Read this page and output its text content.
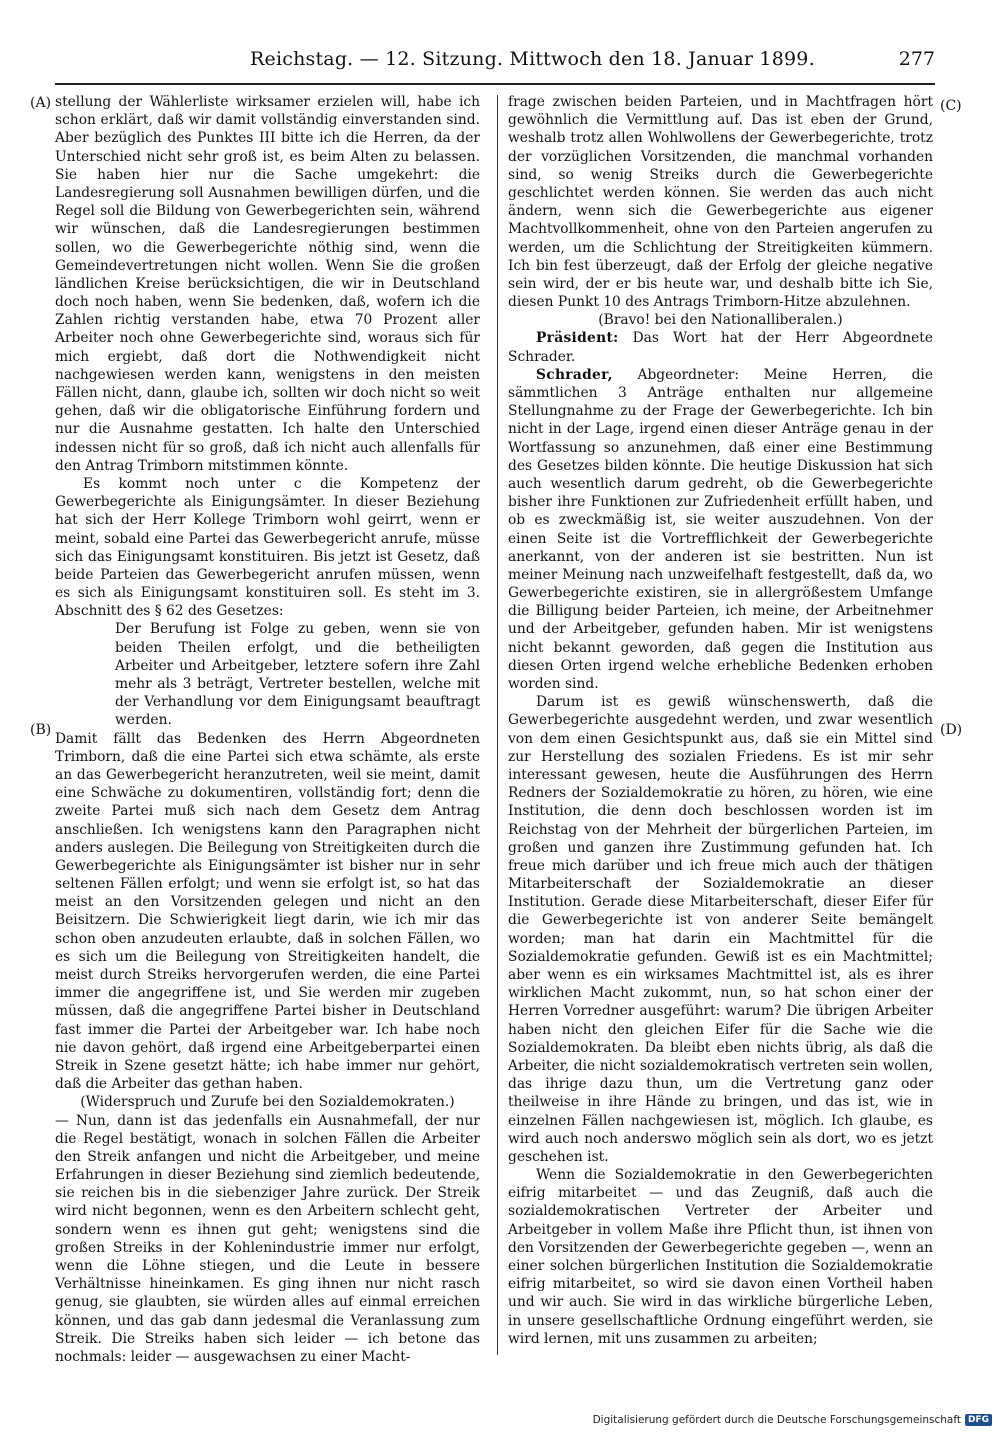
Reichstag. — 12. Sitzung. Mittwoch den 18. Januar 1899.	277
(A)
(B)
(C)
(D)

stellung der Wählerliste wirksamer erzielen will, habe ich schon erklärt, daß wir damit vollständig einverstanden sind. Aber bezüglich des Punktes III bitte ich die Herren, da der Unterschied nicht sehr groß ist, es beim Alten zu belassen. Sie haben hier nur die Sache umgekehrt: die Landesregierung soll Ausnahmen bewilligen dürfen, und die Regel soll die Bildung von Gewerbegerichten sein, während wir wünschen, daß die Landesregierungen bestimmen sollen, wo die Gewerbegerichte nöthig sind, wenn die Gemeindevertretungen nicht wollen. Wenn Sie die großen ländlichen Kreise berücksichtigen, die wir in Deutschland doch noch haben, wenn Sie bedenken, daß, wofern ich die Zahlen richtig verstanden habe, etwa 70 Prozent aller Arbeiter noch ohne Gewerbegerichte sind, woraus sich für mich ergiebt, daß dort die Nothwendigkeit nicht nachgewiesen werden kann, wenigstens in den meisten Fällen nicht, dann, glaube ich, sollten wir doch nicht so weit gehen, daß wir die obligatorische Einführung fordern und nur die Ausnahme gestatten. Ich halte den Unterschied indessen nicht für so groß, daß ich nicht auch allenfalls für den Antrag Trimborn mitstimmen könnte.

Es kommt noch unter c die Kompetenz der Gewerbegerichte als Einigungsämter. In dieser Beziehung hat sich der Herr Kollege Trimborn wohl geirrt, wenn er meint, sobald eine Partei das Gewerbegericht anrufe, müsse sich das Einigungsamt konstituiren. Bis jetzt ist Gesetz, daß beide Parteien das Gewerbegericht anrufen müssen, wenn es sich als Einigungsamt konstituiren soll. Es steht im 3. Abschnitt des § 62 des Gesetzes:

Der Berufung ist Folge zu geben, wenn sie von beiden Theilen erfolgt, und die betheiligten Arbeiter und Arbeitgeber, letztere sofern ihre Zahl mehr als 3 beträgt, Vertreter bestellen, welche mit der Verhandlung vor dem Einigungsamt beauftragt werden.

Damit fällt das Bedenken des Herrn Abgeordneten Trimborn, daß die eine Partei sich etwa schämte, als erste an das Gewerbegericht heranzutreten, weil sie meint, damit eine Schwäche zu dokumentiren, vollständig fort; denn die zweite Partei muß sich nach dem Gesetz dem Antrag anschließen. Ich wenigstens kann den Paragraphen nicht anders auslegen. Die Beilegung von Streitigkeiten durch die Gewerbegerichte als Einigungsämter ist bisher nur in sehr seltenen Fällen erfolgt; und wenn sie erfolgt ist, so hat das meist an den Vorsitzenden gelegen und nicht an den Beisitzern. Die Schwierigkeit liegt darin, wie ich mir das schon oben anzudeuten erlaubte, daß in solchen Fällen, wo es sich um die Beilegung von Streitigkeiten handelt, die meist durch Streiks hervorgerufen werden, die eine Partei immer die angegriffene ist, und Sie werden mir zugeben müssen, daß die angegriffene Partei bisher in Deutschland fast immer die Partei der Arbeitgeber war. Ich habe noch nie davon gehört, daß irgend eine Arbeitgeberpartei einen Streik in Szene gesetzt hätte; ich habe immer nur gehört, daß die Arbeiter das gethan haben.

(Widerspruch und Zurufe bei den Sozialdemokraten.)

— Nun, dann ist das jedenfalls ein Ausnahmefall, der nur die Regel bestätigt, wonach in solchen Fällen die Arbeiter den Streik anfangen und nicht die Arbeitgeber, und meine Erfahrungen in dieser Beziehung sind ziemlich bedeutende, sie reichen bis in die siebenziger Jahre zurück. Der Streik wird nicht begonnen, wenn es den Arbeitern schlecht geht, sondern wenn es ihnen gut geht; wenigstens sind die großen Streiks in der Kohlenindustrie immer nur erfolgt, wenn die Löhne stiegen, und die Leute in bessere Verhältnisse hineinkamen. Es ging ihnen nur nicht rasch genug, sie glaubten, sie würden alles auf einmal erreichen können, und das gab dann jedesmal die Veranlassung zum Streik. Die Streiks haben sich leider — ich betone das nochmals: leider — ausgewachsen zu einer Macht-

frage zwischen beiden Parteien, und in Machtfragen hört gewöhnlich die Vermittlung auf. Das ist eben der Grund, weshalb trotz allen Wohlwollens der Gewerbegerichte, trotz der vorzüglichen Vorsitzenden, die manchmal vorhanden sind, so wenig Streiks durch die Gewerbegerichte geschlichtet werden können. Sie werden das auch nicht ändern, wenn sich die Gewerbegerichte aus eigener Machtvollkommenheit, ohne von den Parteien angerufen zu werden, um die Schlichtung der Streitigkeiten kümmern. Ich bin fest überzeugt, daß der Erfolg der gleiche negative sein wird, der er bis heute war, und deshalb bitte ich Sie, diesen Punkt 10 des Antrags Trimborn-Hitze abzulehnen.

(Bravo! bei den Nationalliberalen.)

Präsident: Das Wort hat der Herr Abgeordnete Schrader.

Schrader, Abgeordneter: Meine Herren, die sämmtlichen 3 Anträge enthalten nur allgemeine Stellungnahme zu der Frage der Gewerbegerichte. Ich bin nicht in der Lage, irgend einen dieser Anträge genau in der Wortfassung so anzunehmen, daß einer eine Bestimmung des Gesetzes bilden könnte. Die heutige Diskussion hat sich auch wesentlich darum gedreht, ob die Gewerbegerichte bisher ihre Funktionen zur Zufriedenheit erfüllt haben, und ob es zweckmäßig ist, sie weiter auszudehnen. Von der einen Seite ist die Vortrefflichkeit der Gewerbegerichte anerkannt, von der anderen ist sie bestritten. Nun ist meiner Meinung nach unzweifelhaft festgestellt, daß da, wo Gewerbegerichte existiren, sie in allergrößestem Umfange die Billigung beider Parteien, ich meine, der Arbeitnehmer und der Arbeitgeber, gefunden haben. Mir ist wenigstens nicht bekannt geworden, daß gegen die Institution aus diesen Orten irgend welche erhebliche Bedenken erhoben worden sind.

Darum ist es gewiß wünschenswerth, daß die Gewerbegerichte ausgedehnt werden, und zwar wesentlich von dem einen Gesichtspunkt aus, daß sie ein Mittel sind zur Herstellung des sozialen Friedens. Es ist mir sehr interessant gewesen, heute die Ausführungen des Herrn Redners der Sozialdemokratie zu hören, zu hören, wie eine Institution, die denn doch beschlossen worden ist im Reichstag von der Mehrheit der bürgerlichen Parteien, im großen und ganzen ihre Zustimmung gefunden hat. Ich freue mich darüber und ich freue mich auch der thätigen Mitarbeiterschaft der Sozialdemokratie an dieser Institution. Gerade diese Mitarbeiterschaft, dieser Eifer für die Gewerbegerichte ist von anderer Seite bemängelt worden; man hat darin ein Machtmittel für die Sozialdemokratie gefunden. Gewiß ist es ein Machtmittel; aber wenn es ein wirksames Machtmittel ist, als es ihrer wirklichen Macht zukommt, nun, so hat schon einer der Herren Vorredner ausgeführt: warum? Die übrigen Arbeiter haben nicht den gleichen Eifer für die Sache wie die Sozialdemokraten. Da bleibt eben nichts übrig, als daß die Arbeiter, die nicht sozialdemokratisch vertreten sein wollen, das ihrige dazu thun, um die Vertretung ganz oder theilweise in ihre Hände zu bringen, und das ist, wie in einzelnen Fällen nachgewiesen ist, möglich. Ich glaube, es wird auch noch anderswo möglich sein als dort, wo es jetzt geschehen ist.

Wenn die Sozialdemokratie in den Gewerbegerichten eifrig mitarbeitet — und das Zeugniß, daß auch die sozialdemokratischen Vertreter der Arbeiter und Arbeitgeber in vollem Maße ihre Pflicht thun, ist ihnen von den Vorsitzenden der Gewerbegerichte gegeben —, wenn an einer solchen bürgerlichen Institution die Sozialdemokratie eifrig mitarbeitet, so wird sie davon einen Vortheil haben und wir auch. Sie wird in das wirkliche bürgerliche Leben, in unsere gesellschaftliche Ordnung eingeführt werden, sie wird lernen, mit uns zusammen zu arbeiten;

Digitalisierung gefördert durch die Deutsche Forschungsgemeinschaft DFG
